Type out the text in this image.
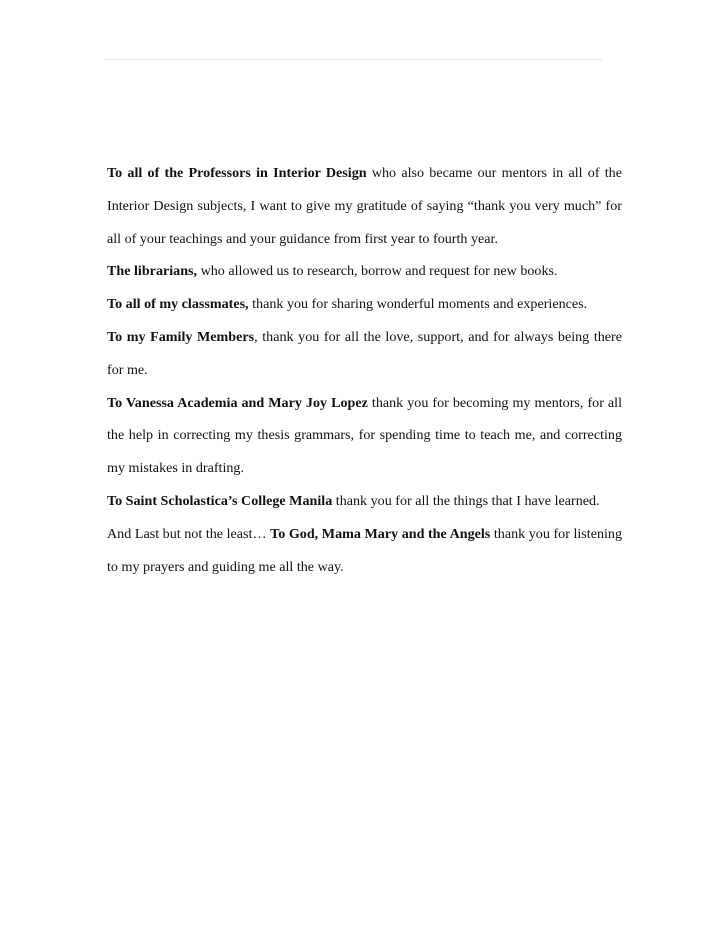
To all of the Professors in Interior Design who also became our mentors in all of the Interior Design subjects, I want to give my gratitude of saying “thank you very much” for all of your teachings and your guidance from first year to fourth year.

The librarians, who allowed us to research, borrow and request for new books.

To all of my classmates, thank you for sharing wonderful moments and experiences.

To my Family Members, thank you for all the love, support, and for always being there for me.

To Vanessa Academia and Mary Joy Lopez thank you for becoming my mentors, for all the help in correcting my thesis grammars, for spending time to teach me, and correcting my mistakes in drafting.

To Saint Scholastica’s College Manila thank you for all the things that I have learned.

And Last but not the least… To God, Mama Mary and the Angels thank you for listening to my prayers and guiding me all the way.
